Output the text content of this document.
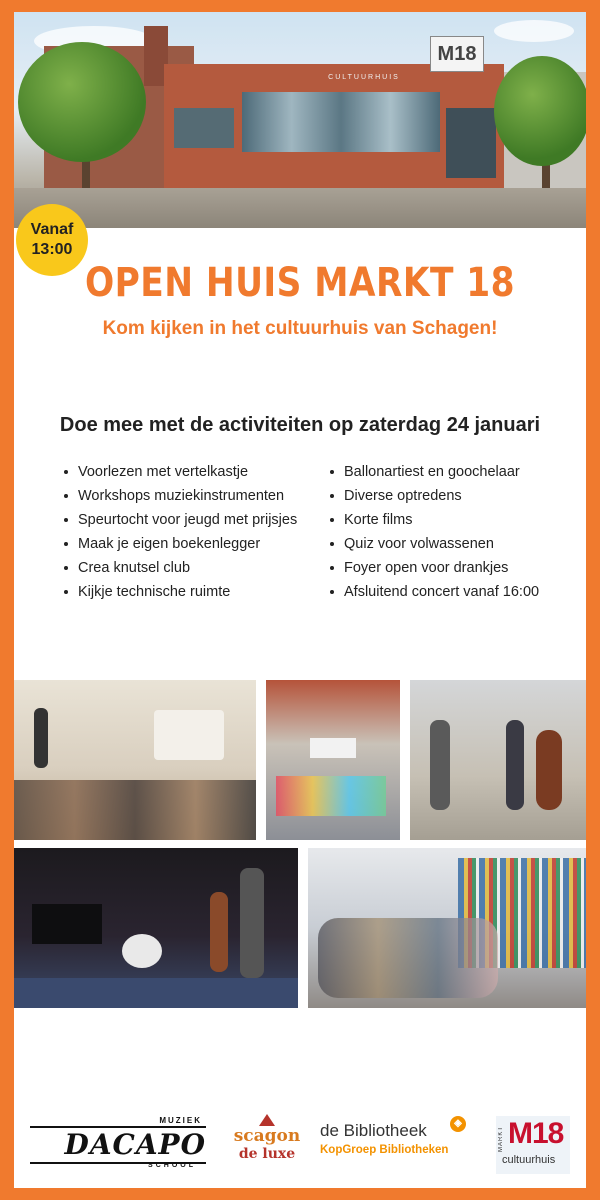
CULTUURHUIS
M18
Vanaf
13:00
OPEN HUIS MARKT 18
Kom kijken in het cultuurhuis van Schagen!
Doe mee met de activiteiten op zaterdag 24 januari
Voorlezen met vertelkastje
Workshops muziekinstrumenten
Speurtocht voor jeugd met prijsjes
Maak je eigen boekenlegger
Crea knutsel club
Kijkje technische ruimte
Ballonartiest en goochelaar
Diverse optredens
Korte films
Quiz voor volwassenen
Foyer open voor drankjes
Afsluitend concert vanaf 16:00
MUZIEK
DACAPO
SCHOOL
scagon
de luxe
de Bibliotheek	◈
KopGroep Bibliotheken	MARKT M18
cultuurhuis
